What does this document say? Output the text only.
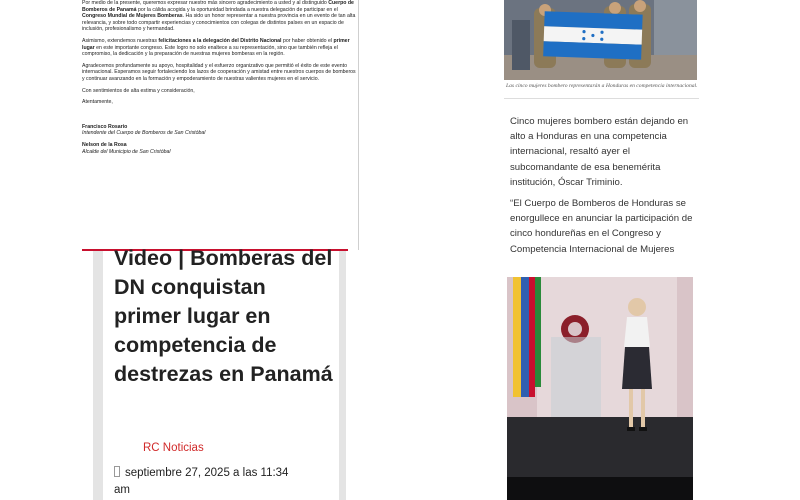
Por medio de la presente, queremos expresar nuestro más sincero agradecimiento a usted y al distinguido Cuerpo de Bomberos de Panamá por la cálida acogida y la oportunidad brindada a nuestra delegación de participar en el Congreso Mundial de Mujeres Bomberas. Ha sido un honor representar a nuestra provincia en un evento de tan alta relevancia, y sobre todo compartir experiencias y conocimientos con colegas de distintos países en un espacio de inclusión, profesionalismo y hermandad.

Asimismo, extendemos nuestras felicitaciones a la delegación del Distrito Nacional por haber obtenido el primer lugar en este importante congreso. Este logro no solo enaltece a su representación, sino que también refleja el compromiso, la dedicación y la preparación de nuestras mujeres bomberas en la región.

Agradecemos profundamente su apoyo, hospitalidad y el esfuerzo organizativo que permitió el éxito de este evento internacional. Esperamos seguir fortaleciendo los lazos de cooperación y amistad entre nuestros cuerpos de bomberos y continuar avanzando en la formación y empoderamiento de nuestras valientes mujeres en el servicio.

Con sentimientos de alta estima y consideración,

Atentamente,

Francisco Rosario

Intendente del Cuerpo de Bomberos de San Cristóbal

Nelson de la Rosa

Alcalde del Municipio de San Cristóbal

Las cinco mujeres bombero representarán a Honduras en competencia internacional.
Cinco mujeres bombero están dejando en alto a Honduras en una competencia internacional, resaltó ayer el subcomandante de esa benemérita institución, Óscar Triminio.
“El Cuerpo de Bomberos de Honduras se enorgullece en anunciar la participación de cinco hondureñas en el Congreso y Competencia Internacional de Mujeres
Video | Bomberas del DN conquistan primer lugar en competencia de destrezas en Panamá
RC Noticias
septiembre 27, 2025 a las 11:34
am
